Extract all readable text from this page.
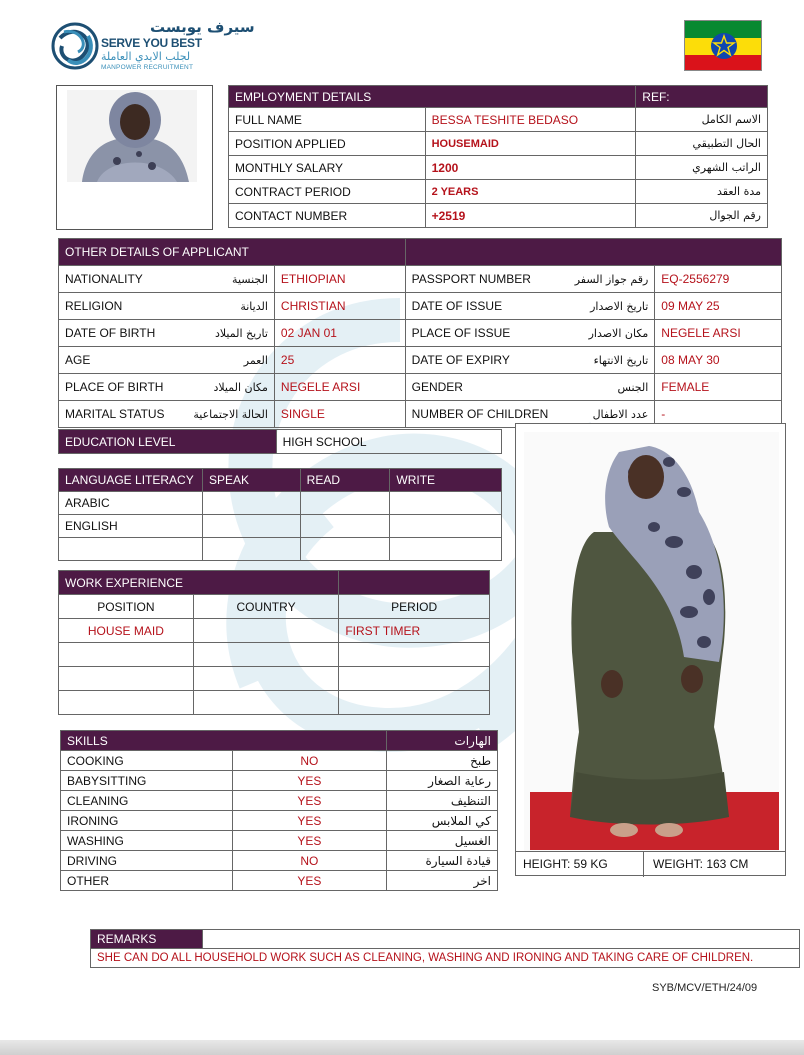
سيرف يوبست
SERVE YOU BEST
لجلب الايدي العاملة
MANPOWER RECRUITMENT
EMPLOYMENT DETAILS		REF:
FULL NAME	BESSA TESHITE BEDASO	الاسم الكامل
POSITION APPLIED	HOUSEMAID	الحال التطبيقي
MONTHLY SALARY	1200	الراتب الشهري
CONTRACT PERIOD	2 YEARS	مدة العقد
CONTACT NUMBER	+2519	رقم الجوال
OTHER DETAILS OF APPLICANT					
NATIONALITY	الجنسية	ETHIOPIAN	PASSPORT NUMBER	رقم جواز السفر	EQ-2556279
RELIGION	الديانة	CHRISTIAN	DATE OF ISSUE	تاريخ الاصدار	09 MAY 25
DATE OF BIRTH	تاريخ الميلاد	02 JAN 01	PLACE OF ISSUE	مكان الاصدار	NEGELE ARSI
AGE	العمر	25	DATE OF EXPIRY	تاريخ الانتهاء	08 MAY 30
PLACE OF BIRTH	مكان الميلاد	NEGELE ARSI	GENDER	الجنس	FEMALE
MARITAL STATUS	الحالة الاجتماعية	SINGLE	NUMBER OF CHILDREN	عدد الاطفال	-
EDUCATION LEVEL	HIGH SCHOOL
LANGUAGE LITERACY	SPEAK	READ	WRITE
ARABIC			
ENGLISH			

WORK EXPERIENCE		
POSITION	COUNTRY	PERIOD
HOUSE MAID		FIRST TIMER

SKILLS		الهارات
COOKING	NO	طبخ
BABYSITTING	YES	رعاية الصغار
CLEANING	YES	التنظيف
IRONING	YES	كي الملابس
WASHING	YES	الغسيل
DRIVING	NO	قيادة السيارة
OTHER	YES	اخر
HEIGHT: 59 KG	WEIGHT: 163 CM
REMARKS	
SHE CAN DO ALL HOUSEHOLD WORK SUCH AS CLEANING, WASHING AND IRONING AND TAKING CARE OF CHILDREN.
SYB/MCV/ETH/24/09
